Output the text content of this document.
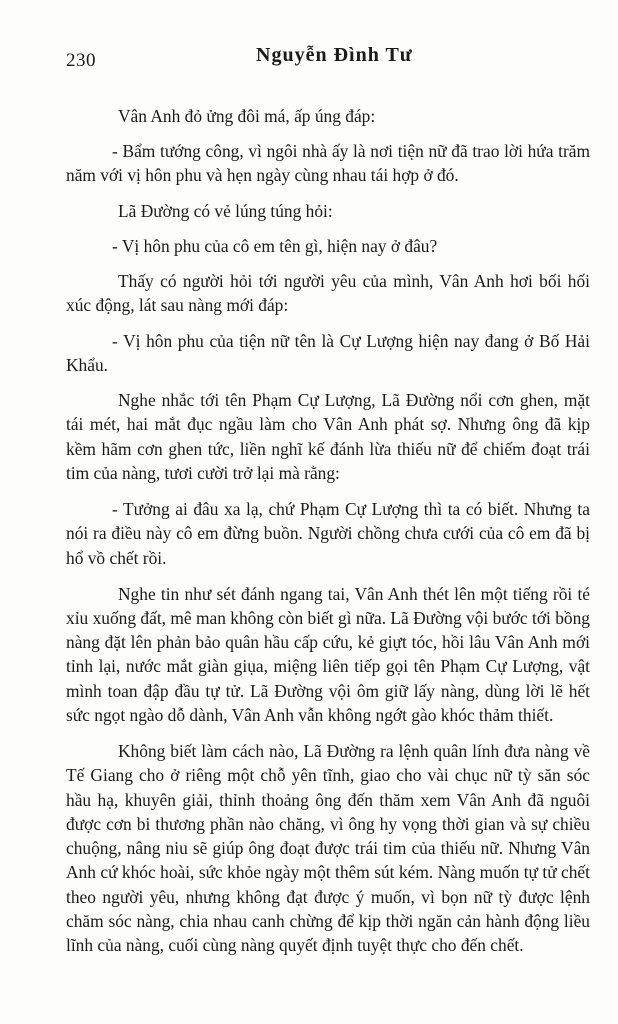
230	Nguyễn Đình Tư

Vân Anh đỏ ửng đôi má, ấp úng đáp:

- Bẩm tướng công, vì ngôi nhà ấy là nơi tiện nữ đã trao lời hứa trăm năm với vị hôn phu và hẹn ngày cùng nhau tái hợp ở đó.

Lã Đường có vẻ lúng túng hỏi:

- Vị hôn phu của cô em tên gì, hiện nay ở đâu?

Thấy có người hỏi tới người yêu của mình, Vân Anh hơi bối hối xúc động, lát sau nàng mới đáp:

- Vị hôn phu của tiện nữ tên là Cự Lượng hiện nay đang ở Bố Hải Khẩu.

Nghe nhắc tới tên Phạm Cự Lượng, Lã Đường nổi cơn ghen, mặt tái mét, hai mắt đục ngầu làm cho Vân Anh phát sợ. Nhưng ông đã kịp kềm hãm cơn ghen tức, liền nghĩ kế đánh lừa thiếu nữ để chiếm đoạt trái tim của nàng, tươi cười trở lại mà rằng:

- Tưởng ai đâu xa lạ, chứ Phạm Cự Lượng thì ta có biết. Nhưng ta nói ra điều này cô em đừng buồn. Người chồng chưa cưới của cô em đã bị hổ vồ chết rồi.

Nghe tin như sét đánh ngang tai, Vân Anh thét lên một tiếng rồi té xỉu xuống đất, mê man không còn biết gì nữa. Lã Đường vội bước tới bồng nàng đặt lên phản bảo quân hầu cấp cứu, kẻ giựt tóc, hồi lâu Vân Anh mới tỉnh lại, nước mắt giàn giụa, miệng liên tiếp gọi tên Phạm Cự Lượng, vật mình toan đập đầu tự tử. Lã Đường vội ôm giữ lấy nàng, dùng lời lẽ hết sức ngọt ngào dỗ dành, Vân Anh vẫn không ngớt gào khóc thảm thiết.

Không biết làm cách nào, Lã Đường ra lệnh quân lính đưa nàng về Tế Giang cho ở riêng một chỗ yên tĩnh, giao cho vài chục nữ tỳ săn sóc hầu hạ, khuyên giải, thỉnh thoảng ông đến thăm xem Vân Anh đã nguôi được cơn bi thương phần nào chăng, vì ông hy vọng thời gian và sự chiều chuộng, nâng niu sẽ giúp ông đoạt được trái tim của thiếu nữ. Nhưng Vân Anh cứ khóc hoài, sức khỏe ngày một thêm sút kém. Nàng muốn tự tử chết theo người yêu, nhưng không đạt được ý muốn, vì bọn nữ tỳ được lệnh chăm sóc nàng, chia nhau canh chừng để kịp thời ngăn cản hành động liều lĩnh của nàng, cuối cùng nàng quyết định tuyệt thực cho đến chết.
